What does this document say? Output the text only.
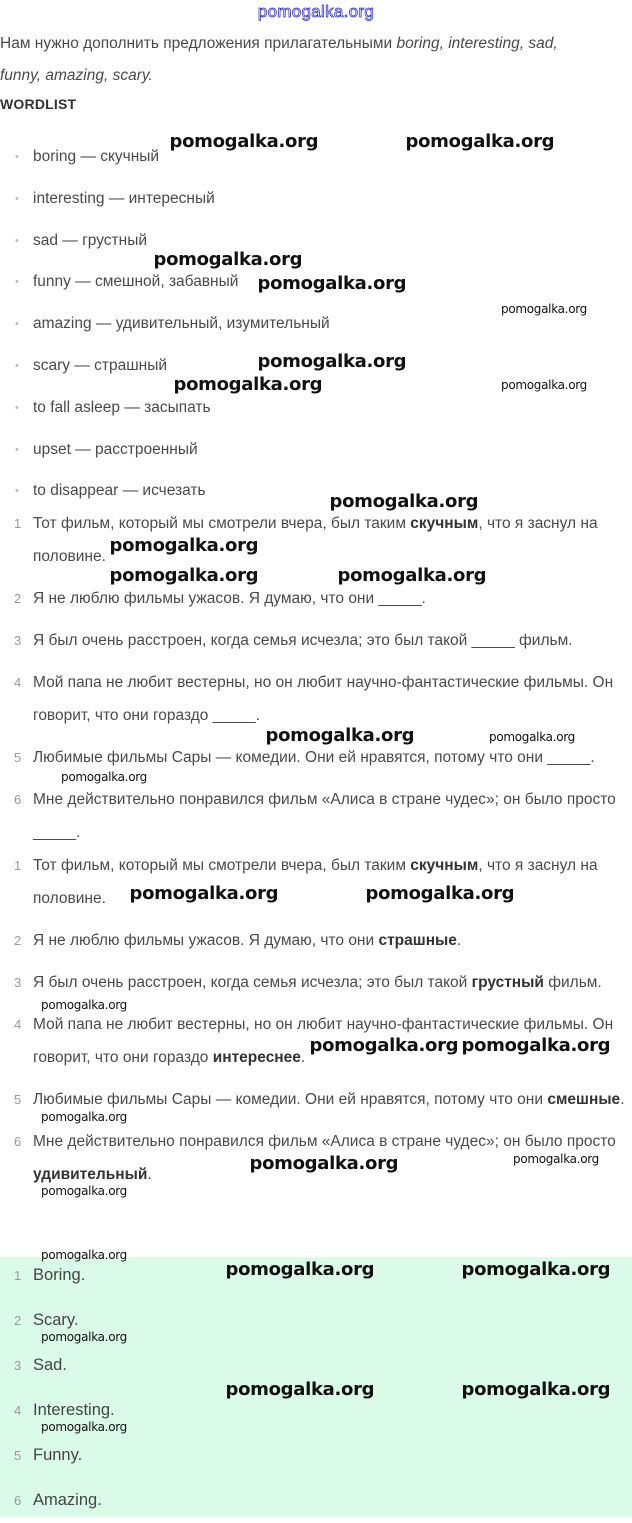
pomogalka.org
Нам нужно дополнить предложения прилагательными boring, interesting, sad,
funny, amazing, scary.
WORDLIST
• boring — скучный
• interesting — интересный
• sad — грустный
• funny — смешной, забавный
• amazing — удивительный, изумительный
• scary — страшный
• to fall asleep — засыпать
• upset — расстроенный
• to disappear — исчезать
1 Тот фильм, который мы смотрели вчера, был таким скучным, что я заснул на половине.
2 Я не люблю фильмы ужасов. Я думаю, что они _____.
3 Я был очень расстроен, когда семья исчезла; это был такой _____ фильм.
4 Мой папа не любит вестерны, но он любит научно-фантастические фильмы. Он говорит, что они гораздо _____.
5 Любимые фильмы Сары — комедии. Они ей нравятся, потому что они _____.
6 Мне действительно понравился фильм «Алиса в стране чудес»; он было просто _____.
1 Тот фильм, который мы смотрели вчера, был таким скучным, что я заснул на половине.
2 Я не люблю фильмы ужасов. Я думаю, что они страшные.
3 Я был очень расстроен, когда семья исчезла; это был такой грустный фильм.
4 Мой папа не любит вестерны, но он любит научно-фантастические фильмы. Он говорит, что они гораздо интереснее.
5 Любимые фильмы Сары — комедии. Они ей нравятся, потому что они смешные.
6 Мне действительно понравился фильм «Алиса в стране чудес»; он было просто удивительный.
1 Boring.
2 Scary.
3 Sad.
4 Interesting.
5 Funny.
6 Amazing.
pomogalka.org	pomogalka.org
pomogalka.org
pomogalka.org
pomogalka.org
pomogalka.org
pomogalka.org
pomogalka.org
pomogalka.org
pomogalka.org
pomogalka.org	pomogalka.org
pomogalka.org
pomogalka.org
pomogalka.org
pomogalka.org	pomogalka.org
pomogalka.org
pomogalka.org pomogalka.org
pomogalka.org
pomogalka.org	pomogalka.org
pomogalka.org
pomogalka.org
pomogalka.org	pomogalka.org
pomogalka.org
pomogalka.org	pomogalka.org
pomogalka.org
